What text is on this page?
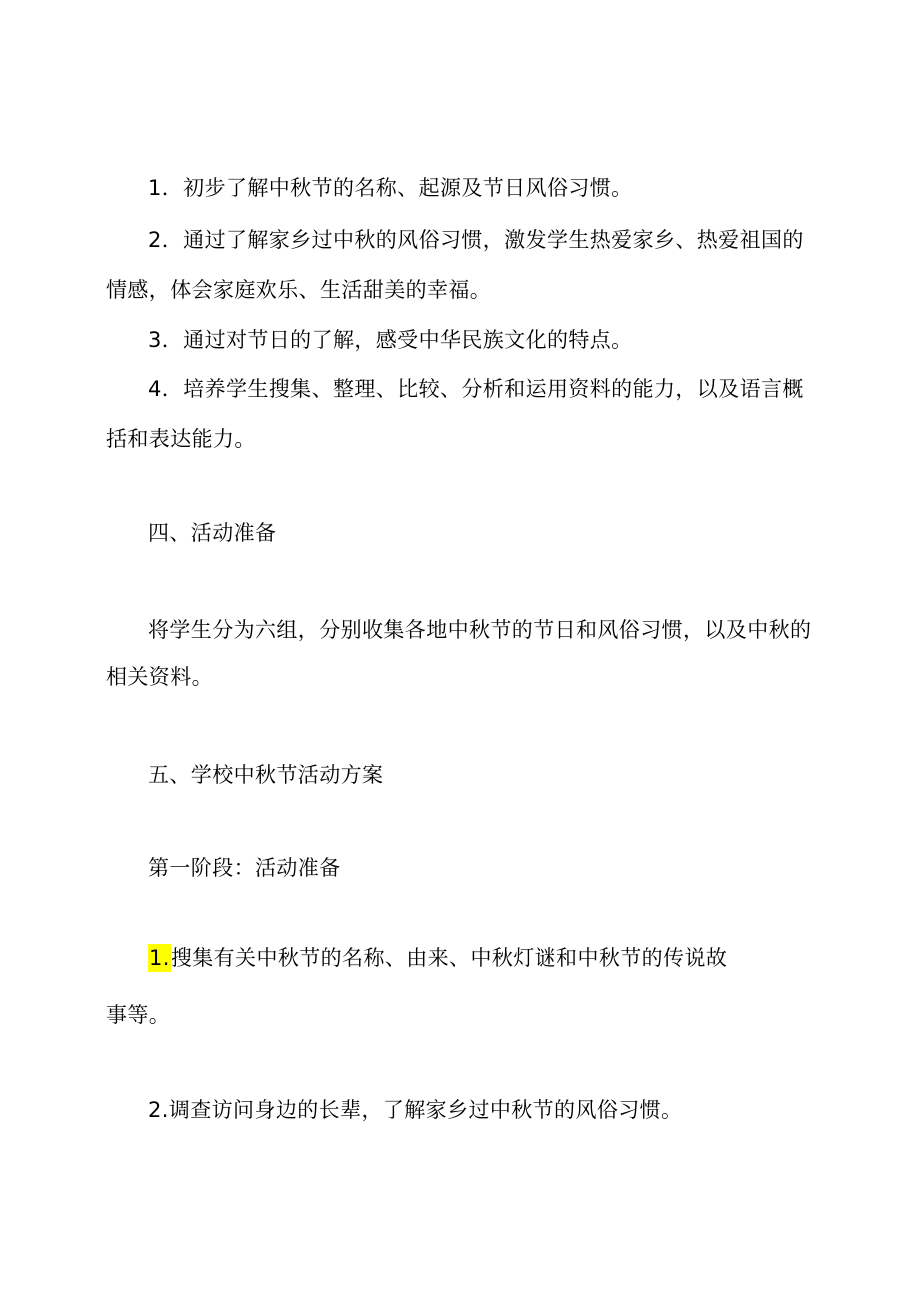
1．初步了解中秋节的名称、起源及节日风俗习惯。
2．通过了解家乡过中秋的风俗习惯，激发学生热爱家乡、热爱祖国的
情感，体会家庭欢乐、生活甜美的幸福。
3．通过对节日的了解，感受中华民族文化的特点。
4．培养学生搜集、整理、比较、分析和运用资料的能力，以及语言概
括和表达能力。
四、活动准备
将学生分为六组，分别收集各地中秋节的节日和风俗习惯，以及中秋的
相关资料。
五、学校中秋节活动方案
第一阶段：活动准备
1.搜集有关中秋节的名称、由来、中秋灯谜和中秋节的传说故
事等。
2.调查访问身边的长辈，了解家乡过中秋节的风俗习惯。
